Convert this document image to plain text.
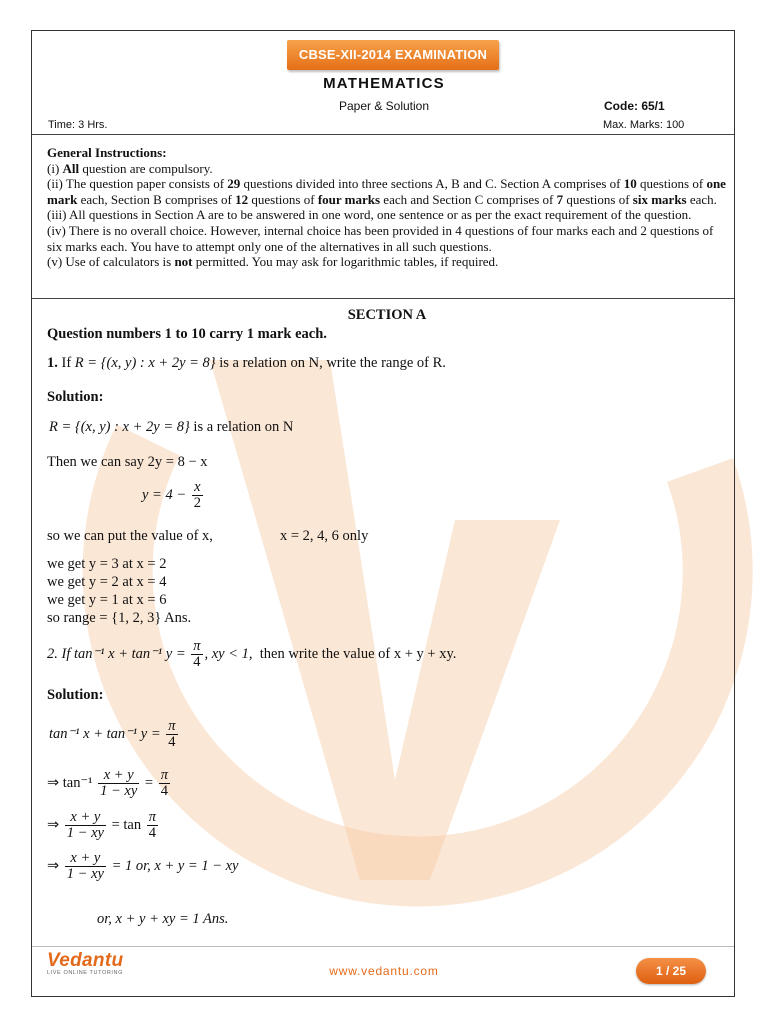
CBSE-XII-2014 EXAMINATION
MATHEMATICS
Paper & Solution	Code: 65/1
Time: 3 Hrs.	Max. Marks: 100

General Instructions:

(i) All question are compulsory.

(ii) The question paper consists of 29 questions divided into three sections A, B and C. Section A comprises of 10 questions of one mark each, Section B comprises of 12 questions of four marks each and Section C comprises of 7 questions of six marks each.

(iii) All questions in Section A are to be answered in one word, one sentence or as per the exact requirement of the question.

(iv) There is no overall choice. However, internal choice has been provided in 4 questions of four marks each and 2 questions of six marks each. You have to attempt only one of the alternatives in all such questions.

(v) Use of calculators is not permitted. You may ask for logarithmic tables, if required.

SECTION A
Question numbers 1 to 10 carry 1 mark each.
1. If R = {(x, y) : x + 2y = 8} is a relation on N, write the range of R.
Solution:
R = {(x, y) : x + 2y = 8} is a relation on N
Then we can say 2y = 8 − x
$y = 4 - \frac{x}{2}$
so we can put the value of x,	x = 2, 4, 6 only
we get y = 3 at x = 2
we get y = 2 at x = 4
we get y = 1 at x = 6
so range = {1, 2, 3} Ans.
2. If tan⁻¹ x + tan⁻¹ $y = \frac{\pi}{4}$ , xy < 1, then write the value of x + y + xy.
Solution:
tan⁻¹ x + tan⁻¹ $y = \frac{\pi}{4}$
⇒ $\tan^{-1} \frac{x + y}{1 - xy} = \frac{\pi}{4}$
⇒ $\frac{x + y}{1 - xy} = \tan \frac{\pi}{4}$
⇒ $\frac{x + y}{1 - xy} = 1$ or, x + y = 1 − xy
or, x + y + xy = 1 Ans.
Vedantu
LIVE ONLINE TUTORING	www.vedantu.com	1 / 25
